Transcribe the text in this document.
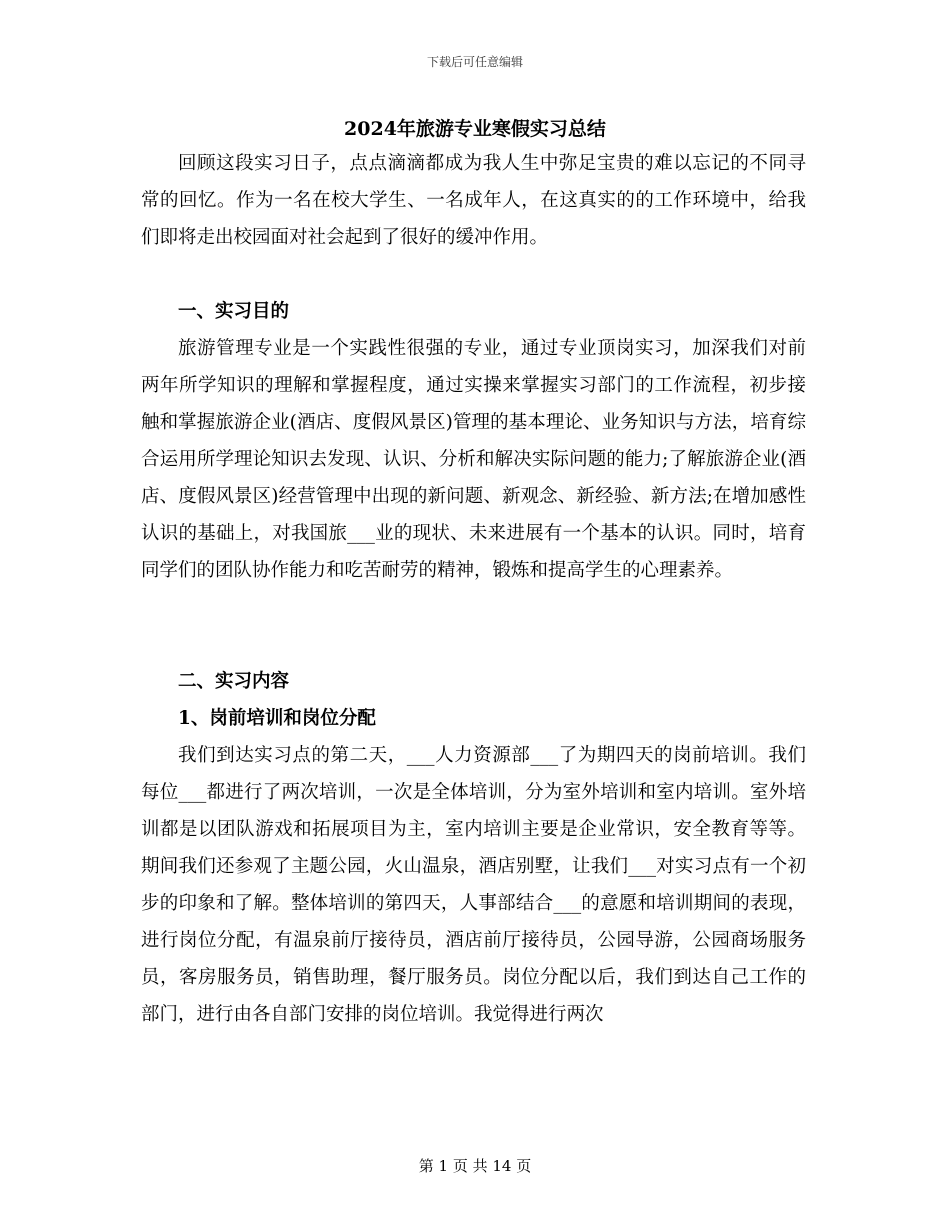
下载后可任意编辑
2024年旅游专业寒假实习总结

回顾这段实习日子，点点滴滴都成为我人生中弥足宝贵的难以忘记的不同寻常的回忆。作为一名在校大学生、一名成年人，在这真实的的工作环境中，给我们即将走出校园面对社会起到了很好的缓冲作用。

一、实习目的

旅游管理专业是一个实践性很强的专业，通过专业顶岗实习，加深我们对前两年所学知识的理解和掌握程度，通过实操来掌握实习部门的工作流程，初步接触和掌握旅游企业(酒店、度假风景区)管理的基本理论、业务知识与方法，培育综合运用所学理论知识去发现、认识、分析和解决实际问题的能力;了解旅游企业(酒店、度假风景区)经营管理中出现的新问题、新观念、新经验、新方法;在增加感性认识的基础上，对我国旅___业的现状、未来进展有一个基本的认识。同时，培育同学们的团队协作能力和吃苦耐劳的精神，锻炼和提高学生的心理素养。

二、实习内容

1、岗前培训和岗位分配

我们到达实习点的第二天，___人力资源部___了为期四天的岗前培训。我们每位___都进行了两次培训，一次是全体培训，分为室外培训和室内培训。室外培训都是以团队游戏和拓展项目为主，室内培训主要是企业常识，安全教育等等。期间我们还参观了主题公园，火山温泉，酒店别墅，让我们___对实习点有一个初步的印象和了解。整体培训的第四天，人事部结合___的意愿和培训期间的表现，进行岗位分配，有温泉前厅接待员，酒店前厅接待员，公园导游，公园商场服务员，客房服务员，销售助理，餐厅服务员。岗位分配以后，我们到达自己工作的部门，进行由各自部门安排的岗位培训。我觉得进行两次

第 1 页 共 14 页
